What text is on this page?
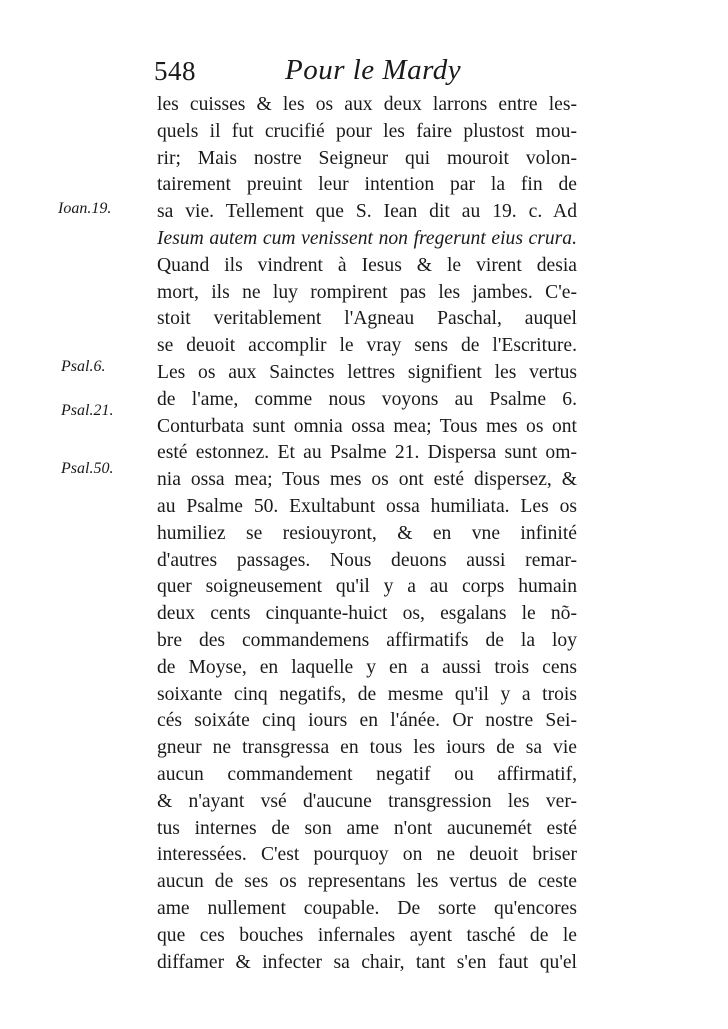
548	Pour le Mardy
Ioan.19.
Psal.6.
Psal.21.
Psal.50.
les cuisses & les os aux deux larrons entre les-
quels il fut crucifié pour les faire plustost mou-
rir; Mais nostre Seigneur qui mouroit volon-
tairement preuint leur intention par la fin de
sa vie. Tellement que S. Iean dit au 19. c. Ad
Iesum autem cum venissent non fregerunt eius crura.
Quand ils vindrent à Iesus & le virent desia
mort, ils ne luy rompirent pas les jambes. C'e-
stoit veritablement l'Agneau Paschal, auquel
se deuoit accomplir le vray sens de l'Escriture.
Les os aux Sainctes lettres signifient les vertus
de l'ame, comme nous voyons au Psalme 6.
Conturbata sunt omnia ossa mea; Tous mes os ont
esté estonnez. Et au Psalme 21. Dispersa sunt om-
nia ossa mea; Tous mes os ont esté dispersez, &
au Psalme 50. Exultabunt ossa humiliata. Les os
humiliez se resiouyront, & en vne infinité
d'autres passages. Nous deuons aussi remar-
quer soigneusement qu'il y a au corps humain
deux cents cinquante-huict os, esgalans le nõ-
bre des commandemens affirmatifs de la loy
de Moyse, en laquelle y en a aussi trois cens
soixante cinq negatifs, de mesme qu'il y a trois
cés soixáte cinq iours en l'ánée. Or nostre Sei-
gneur ne transgressa en tous les iours de sa vie
aucun commandement negatif ou affirmatif,
& n'ayant vsé d'aucune transgression les ver-
tus internes de son ame n'ont aucunemét esté
interessées. C'est pourquoy on ne deuoit briser
aucun de ses os representans les vertus de ceste
ame nullement coupable. De sorte qu'encores
que ces bouches infernales ayent tasché de le
diffamer & infecter sa chair, tant s'en faut qu'el
